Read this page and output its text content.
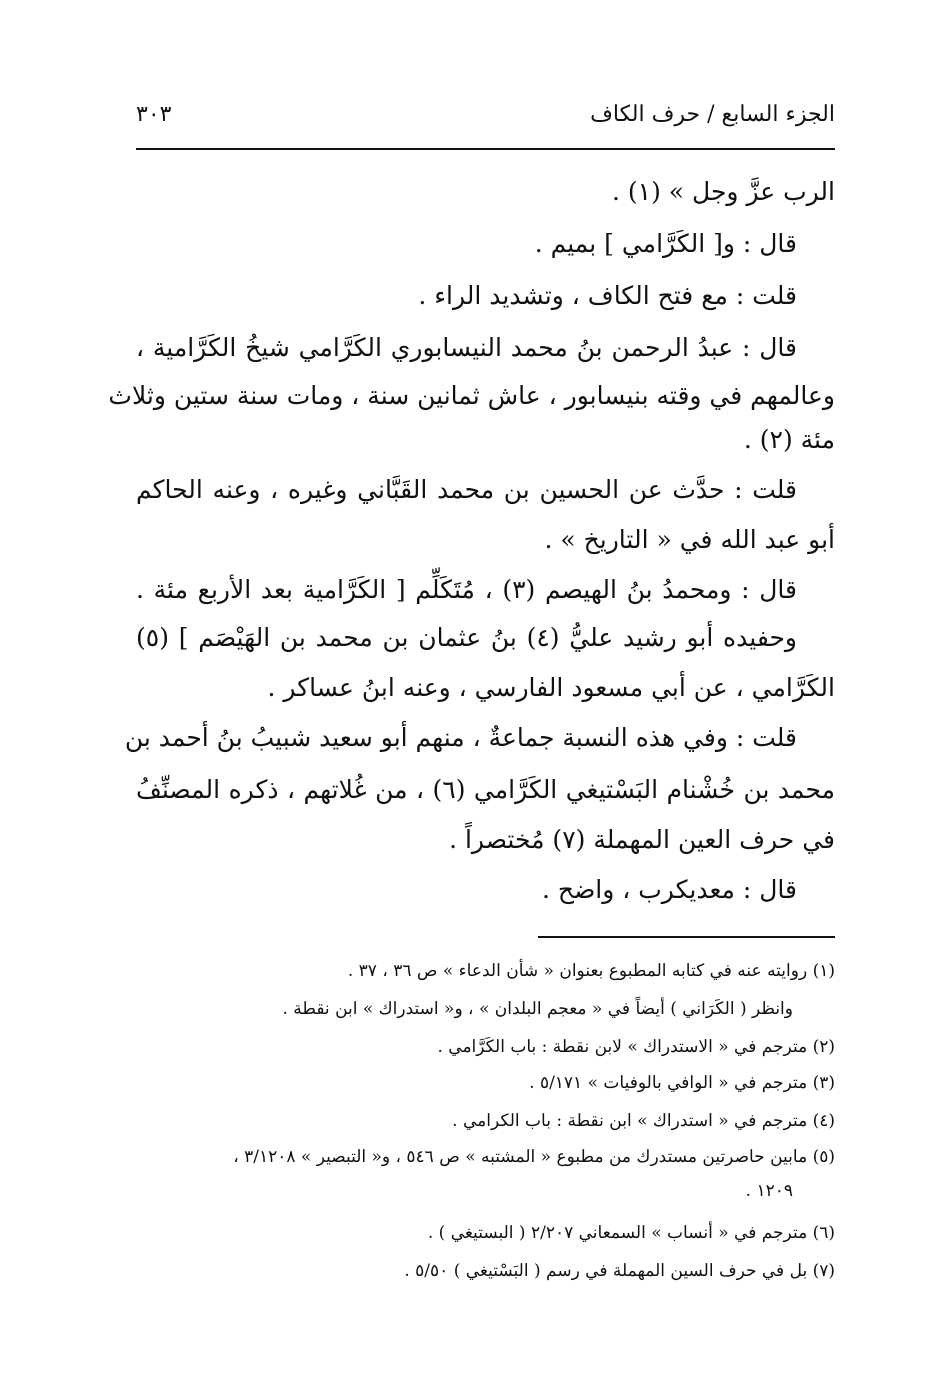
الجزء السابع / حرف الكاف
٣٠٣
الرب عزَّ وجل » (١) .
قال : و[ الكَرَّامي ] بميم .
قلت : مع فتح الكاف ، وتشديد الراء .
قال : عبدُ الرحمن بنُ محمد النيسابوري الكَرَّامي شيخُ الكَرَّامية ،
وعالمهم في وقته بنيسابور ، عاش ثمانين سنة ، ومات سنة ستين وثلاث
مئة (٢) .
قلت : حدَّث عن الحسين بن محمد القَبَّاني وغيره ، وعنه الحاكم
أبو عبد الله في « التاريخ » .
قال : ومحمدُ بنُ الهيصم (٣) ، مُتَكَلِّم [ الكَرَّامية بعد الأربع مئة .
وحفيده أبو رشيد عليُّ (٤) بنُ عثمان بن محمد بن الهَيْصَم ] (٥)
الكَرَّامي ، عن أبي مسعود الفارسي ، وعنه ابنُ عساكر .
قلت : وفي هذه النسبة جماعةٌ ، منهم أبو سعيد شبيبُ بنُ أحمد بن
محمد بن خُشْنام البَسْتيغي الكَرَّامي (٦) ، من غُلاتهم ، ذكره المصنِّفُ
في حرف العين المهملة (٧) مُختصراً .
قال : معديكرب ، واضح .
(١) روايته عنه في كتابه المطبوع بعنوان « شأن الدعاء » ص ٣٦ ، ٣٧ .
وانظر ( الكَرَاني ) أيضاً في « معجم البلدان » ، و« استدراك » ابن نقطة .
(٢) مترجم في « الاستدراك » لابن نقطة : باب الكَرَّامي .
(٣) مترجم في « الوافي بالوفيات » ٥/١٧١ .
(٤) مترجم في « استدراك » ابن نقطة : باب الكرامي .
(٥) مابين حاصرتين مستدرك من مطبوع « المشتبه » ص ٥٤٦ ، و« التبصير » ٣/١٢٠٨ ،
١٢٠٩ .
(٦) مترجم في « أنساب » السمعاني ٢/٢٠٧ ( البستيغي ) .
(٧) بل في حرف السين المهملة في رسم ( البَسْتيغي ) ٥/٥٠ .
